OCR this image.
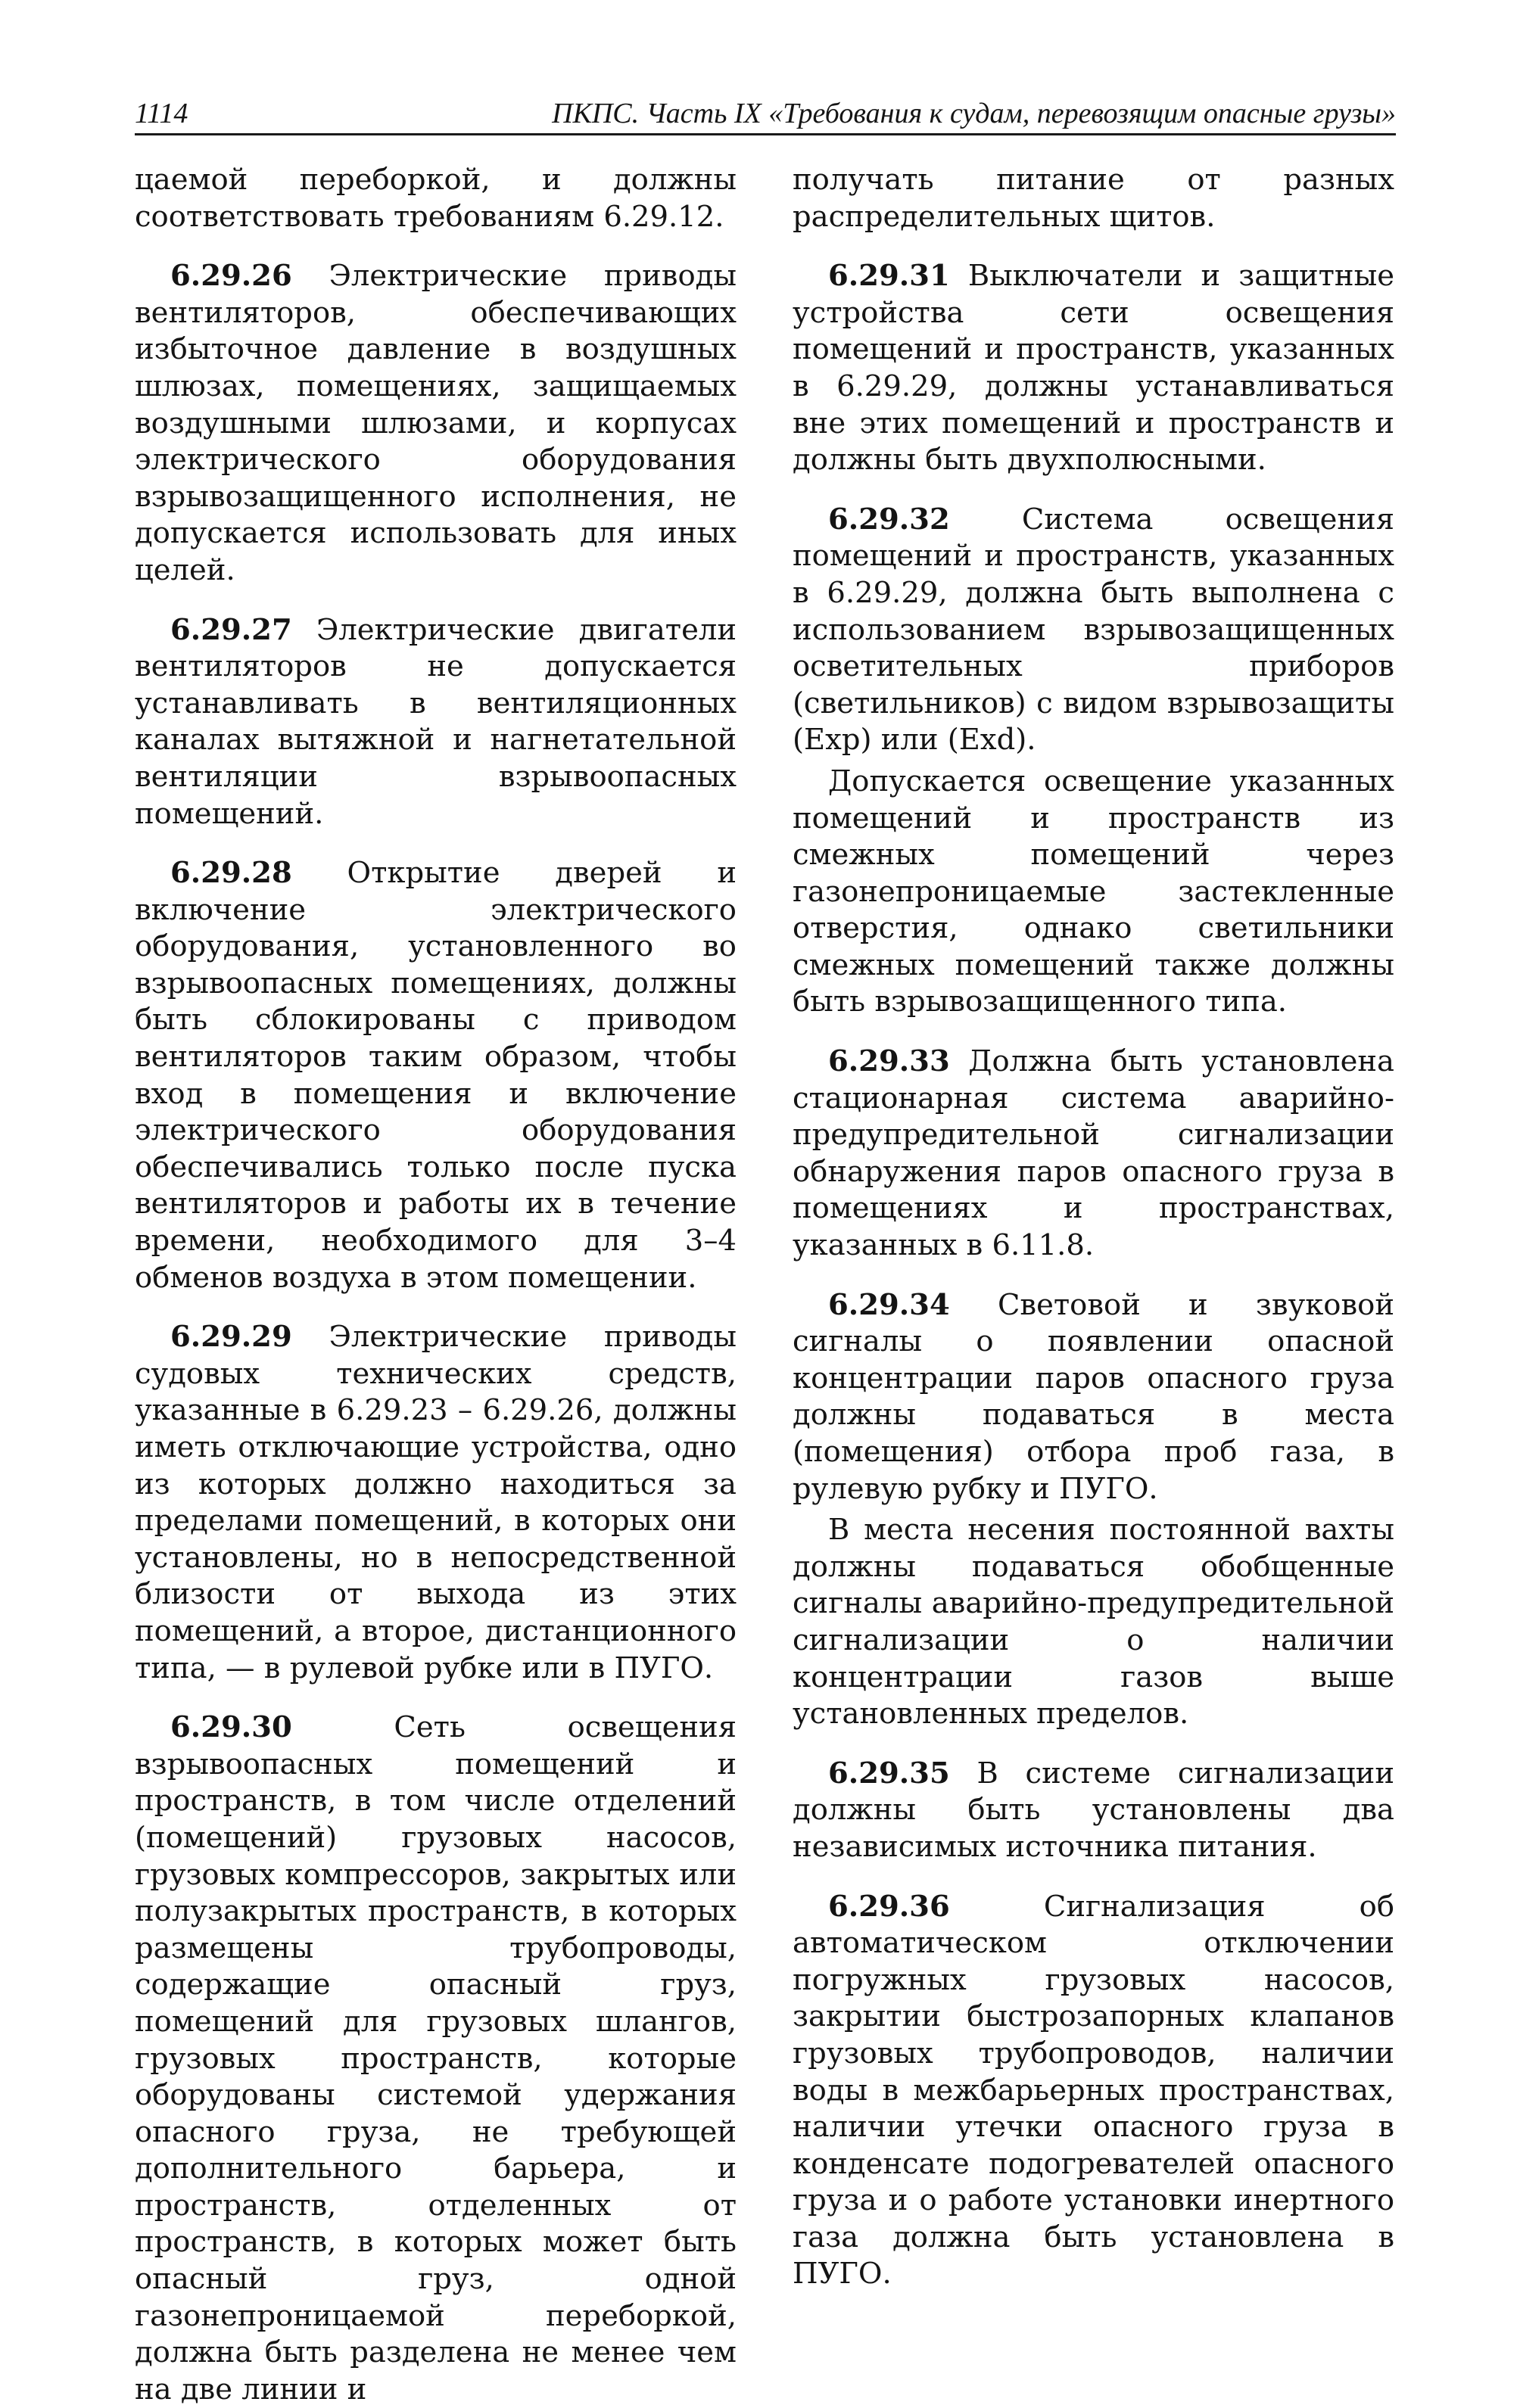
1114	ПКПС. Часть IX «Требования к судам, перевозящим опасные грузы»

цаемой переборкой, и должны соответствовать требованиям 6.29.12.

6.29.26 Электрические приводы вентиляторов, обеспечивающих избыточное давление в воздушных шлюзах, помещениях, защищаемых воздушными шлюзами, и корпусах электрического оборудования взрывозащищенного исполнения, не допускается использовать для иных целей.

6.29.27 Электрические двигатели вентиляторов не допускается устанавливать в вентиляционных каналах вытяжной и нагнетательной вентиляции взрывоопасных помещений.

6.29.28 Открытие дверей и включение электрического оборудования, установленного во взрывоопасных помещениях, должны быть сблокированы с приводом вентиляторов таким образом, чтобы вход в помещения и включение электрического оборудования обеспечивались только после пуска вентиляторов и работы их в течение времени, необходимого для 3–4 обменов воздуха в этом помещении.

6.29.29 Электрические приводы судовых технических средств, указанные в 6.29.23 – 6.29.26, должны иметь отключающие устройства, одно из которых должно находиться за пределами помещений, в которых они установлены, но в непосредственной близости от выхода из этих помещений, а второе, дистанционного типа, — в рулевой рубке или в ПУГО.

6.29.30	Сеть освещения взрывоопасных помещений и пространств, в том числе отделений (помещений) грузовых насосов, грузовых компрессоров, закрытых или полузакрытых пространств, в которых размещены трубопроводы, содержащие опасный груз, помещений для грузовых шлангов, грузовых пространств, которые оборудованы системой удержания опасного груза, не требующей дополнительного барьера, и пространств, отделенных от пространств, в которых может быть опасный груз, одной газонепроницаемой переборкой, должна быть разделена не менее чем на две линии и

получать питание от разных распределительных щитов.

6.29.31 Выключатели и защитные устройства сети освещения помещений и пространств, указанных в 6.29.29, должны устанавливаться вне этих помещений и пространств и должны быть двухполюсными.

6.29.32 Система освещения помещений и пространств, указанных в 6.29.29, должна быть выполнена с использованием взрывозащищенных осветительных приборов (светильников) с видом взрывозащиты (Exp) или (Exd).

Допускается освещение указанных помещений и пространств из смежных помещений через газонепроницаемые застекленные отверстия, однако светильники смежных помещений также должны быть взрывозащищенного типа.

6.29.33 Должна быть установлена стационарная система аварийно-предупредительной сигнализации обнаружения паров опасного груза в помещениях и пространствах, указанных в 6.11.8.

6.29.34 Световой и звуковой сигналы о появлении опасной концентрации паров опасного груза должны подаваться в места (помещения) отбора проб газа, в рулевую рубку и ПУГО.

В места несения постоянной вахты должны подаваться обобщенные сигналы аварийно-предупредительной сигнализации о наличии концентрации газов выше установленных пределов.

6.29.35 В системе сигнализации должны быть установлены два независимых источника питания.

6.29.36	Сигнализация об автоматическом отключении погружных грузовых насосов, закрытии быстрозапорных клапанов грузовых трубопроводов, наличии воды в межбарьерных пространствах, наличии утечки опасного груза в конденсате подогревателей опасного груза и о работе установки инертного газа должна быть установлена в ПУГО.
